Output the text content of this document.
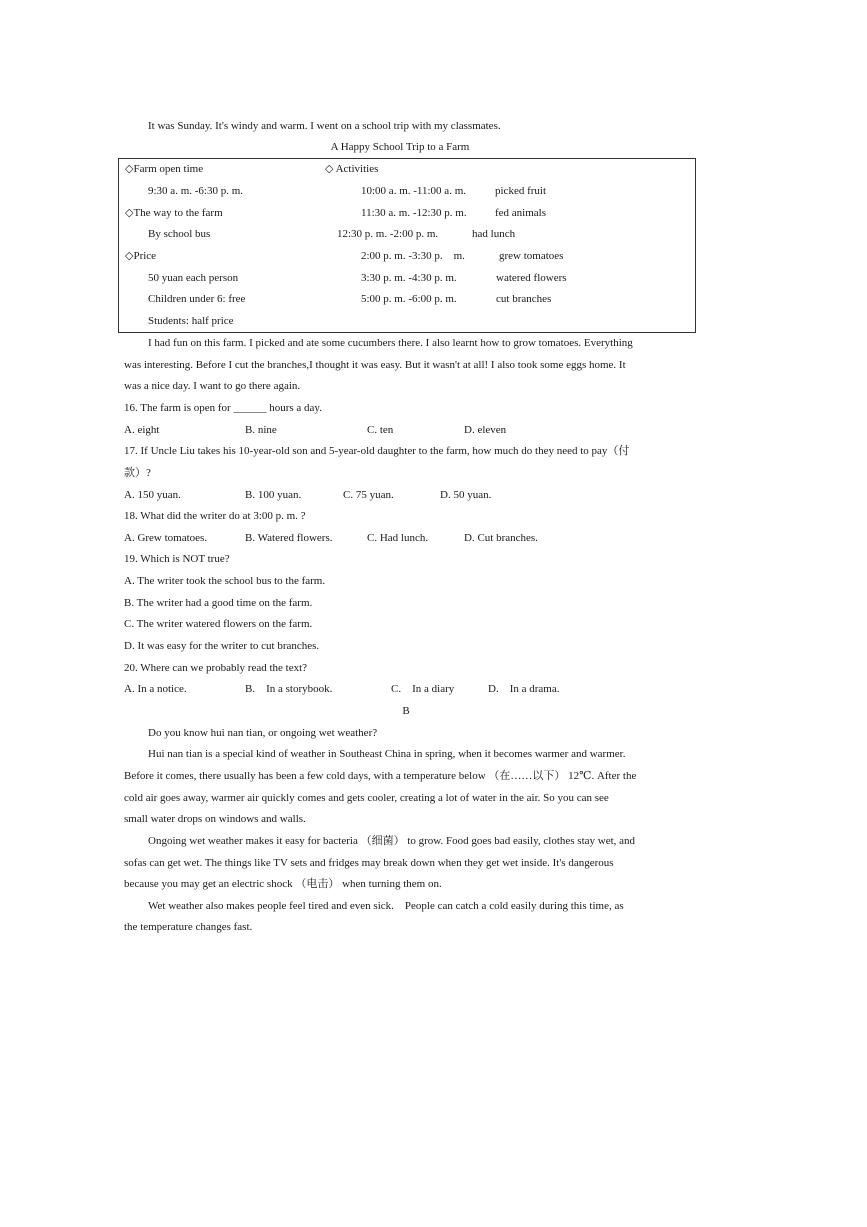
It was Sunday. It's windy and warm. I went on a school trip with my classmates.
A Happy School Trip to a Farm
◇Farm open time
9:30 a. m. -6:30 p. m.
◇The way to the farm
By school bus
◇Price
50 yuan each person
Children under 6: free
Students: half price
◇ Activities
10:00 a. m. -11:00 a. m.	picked fruit
11:30 a. m. -12:30 p. m.	fed animals
12:30 p. m. -2:00 p. m.	had lunch
2:00 p. m. -3:30 p.    m.	grew tomatoes
3:30 p. m. -4:30 p. m.	watered flowers
5:00 p. m. -6:00 p. m.	cut branches
I had fun on this farm. I picked and ate some cucumbers there. I also learnt how to grow tomatoes. Everything
was interesting. Before I cut the branches,I thought it was easy. But it wasn't at all! I also took some eggs home. It
was a nice day. I want to go there again.
16. The farm is open for ______ hours a day.
A. eight	B. nine	C. ten	D. eleven
17. If Uncle Liu takes his 10-year-old son and 5-year-old daughter to the farm, how much do they need to pay（付
款）?
A. 150 yuan.	B. 100 yuan.	C. 75 yuan.	D. 50 yuan.
18. What did the writer do at 3:00 p. m. ?
A. Grew tomatoes.	B. Watered flowers.	C. Had lunch.	D. Cut branches.
19. Which is NOT true?
A. The writer took the school bus to the farm.
B. The writer had a good time on the farm.
C. The writer watered flowers on the farm.
D. It was easy for the writer to cut branches.
20. Where can we probably read the text?
A. In a notice.	B.    In a storybook.	C.    In a diary	D.    In a drama.
B
Do you know hui nan tian, or ongoing wet weather?
Hui nan tian is a special kind of weather in Southeast China in spring, when it becomes warmer and warmer.
Before it comes, there usually has been a few cold days, with a temperature below （在……以下） 12℃. After the
cold air goes away, warmer air quickly comes and gets cooler, creating a lot of water in the air. So you can see
small water drops on windows and walls.
Ongoing wet weather makes it easy for bacteria （细菌） to grow. Food goes bad easily, clothes stay wet, and
sofas can get wet. The things like TV sets and fridges may break down when they get wet inside. It's dangerous
because you may get an electric shock （电击） when turning them on.
Wet weather also makes people feel tired and even sick.    People can catch a cold easily during this time, as
the temperature changes fast.
